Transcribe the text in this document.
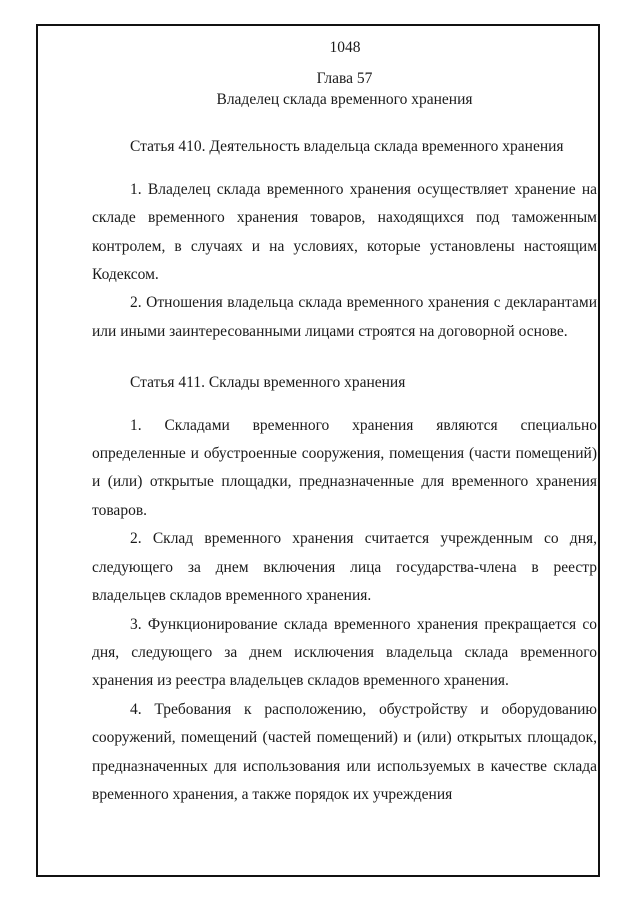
1048

Глава 57
Владелец склада временного хранения
Статья 410. Деятельность владельца склада временного хранения

1. Владелец склада временного хранения осуществляет хранение на складе временного хранения товаров, находящихся под таможенным контролем, в случаях и на условиях, которые установлены настоящим Кодексом.

2. Отношения владельца склада временного хранения с декларантами или иными заинтересованными лицами строятся на договорной основе.

Статья 411. Склады временного хранения

1. Складами временного хранения являются специально определенные и обустроенные сооружения, помещения (части помещений) и (или) открытые площадки, предназначенные для временного хранения товаров.

2. Склад временного хранения считается учрежденным со дня, следующего за днем включения лица государства-члена в реестр владельцев складов временного хранения.

3. Функционирование склада временного хранения прекращается со дня, следующего за днем исключения владельца склада временного хранения из реестра владельцев складов временного хранения.

4. Требования к расположению, обустройству и оборудованию сооружений, помещений (частей помещений) и (или) открытых площадок, предназначенных для использования или используемых в качестве склада временного хранения, а также порядок их учреждения
